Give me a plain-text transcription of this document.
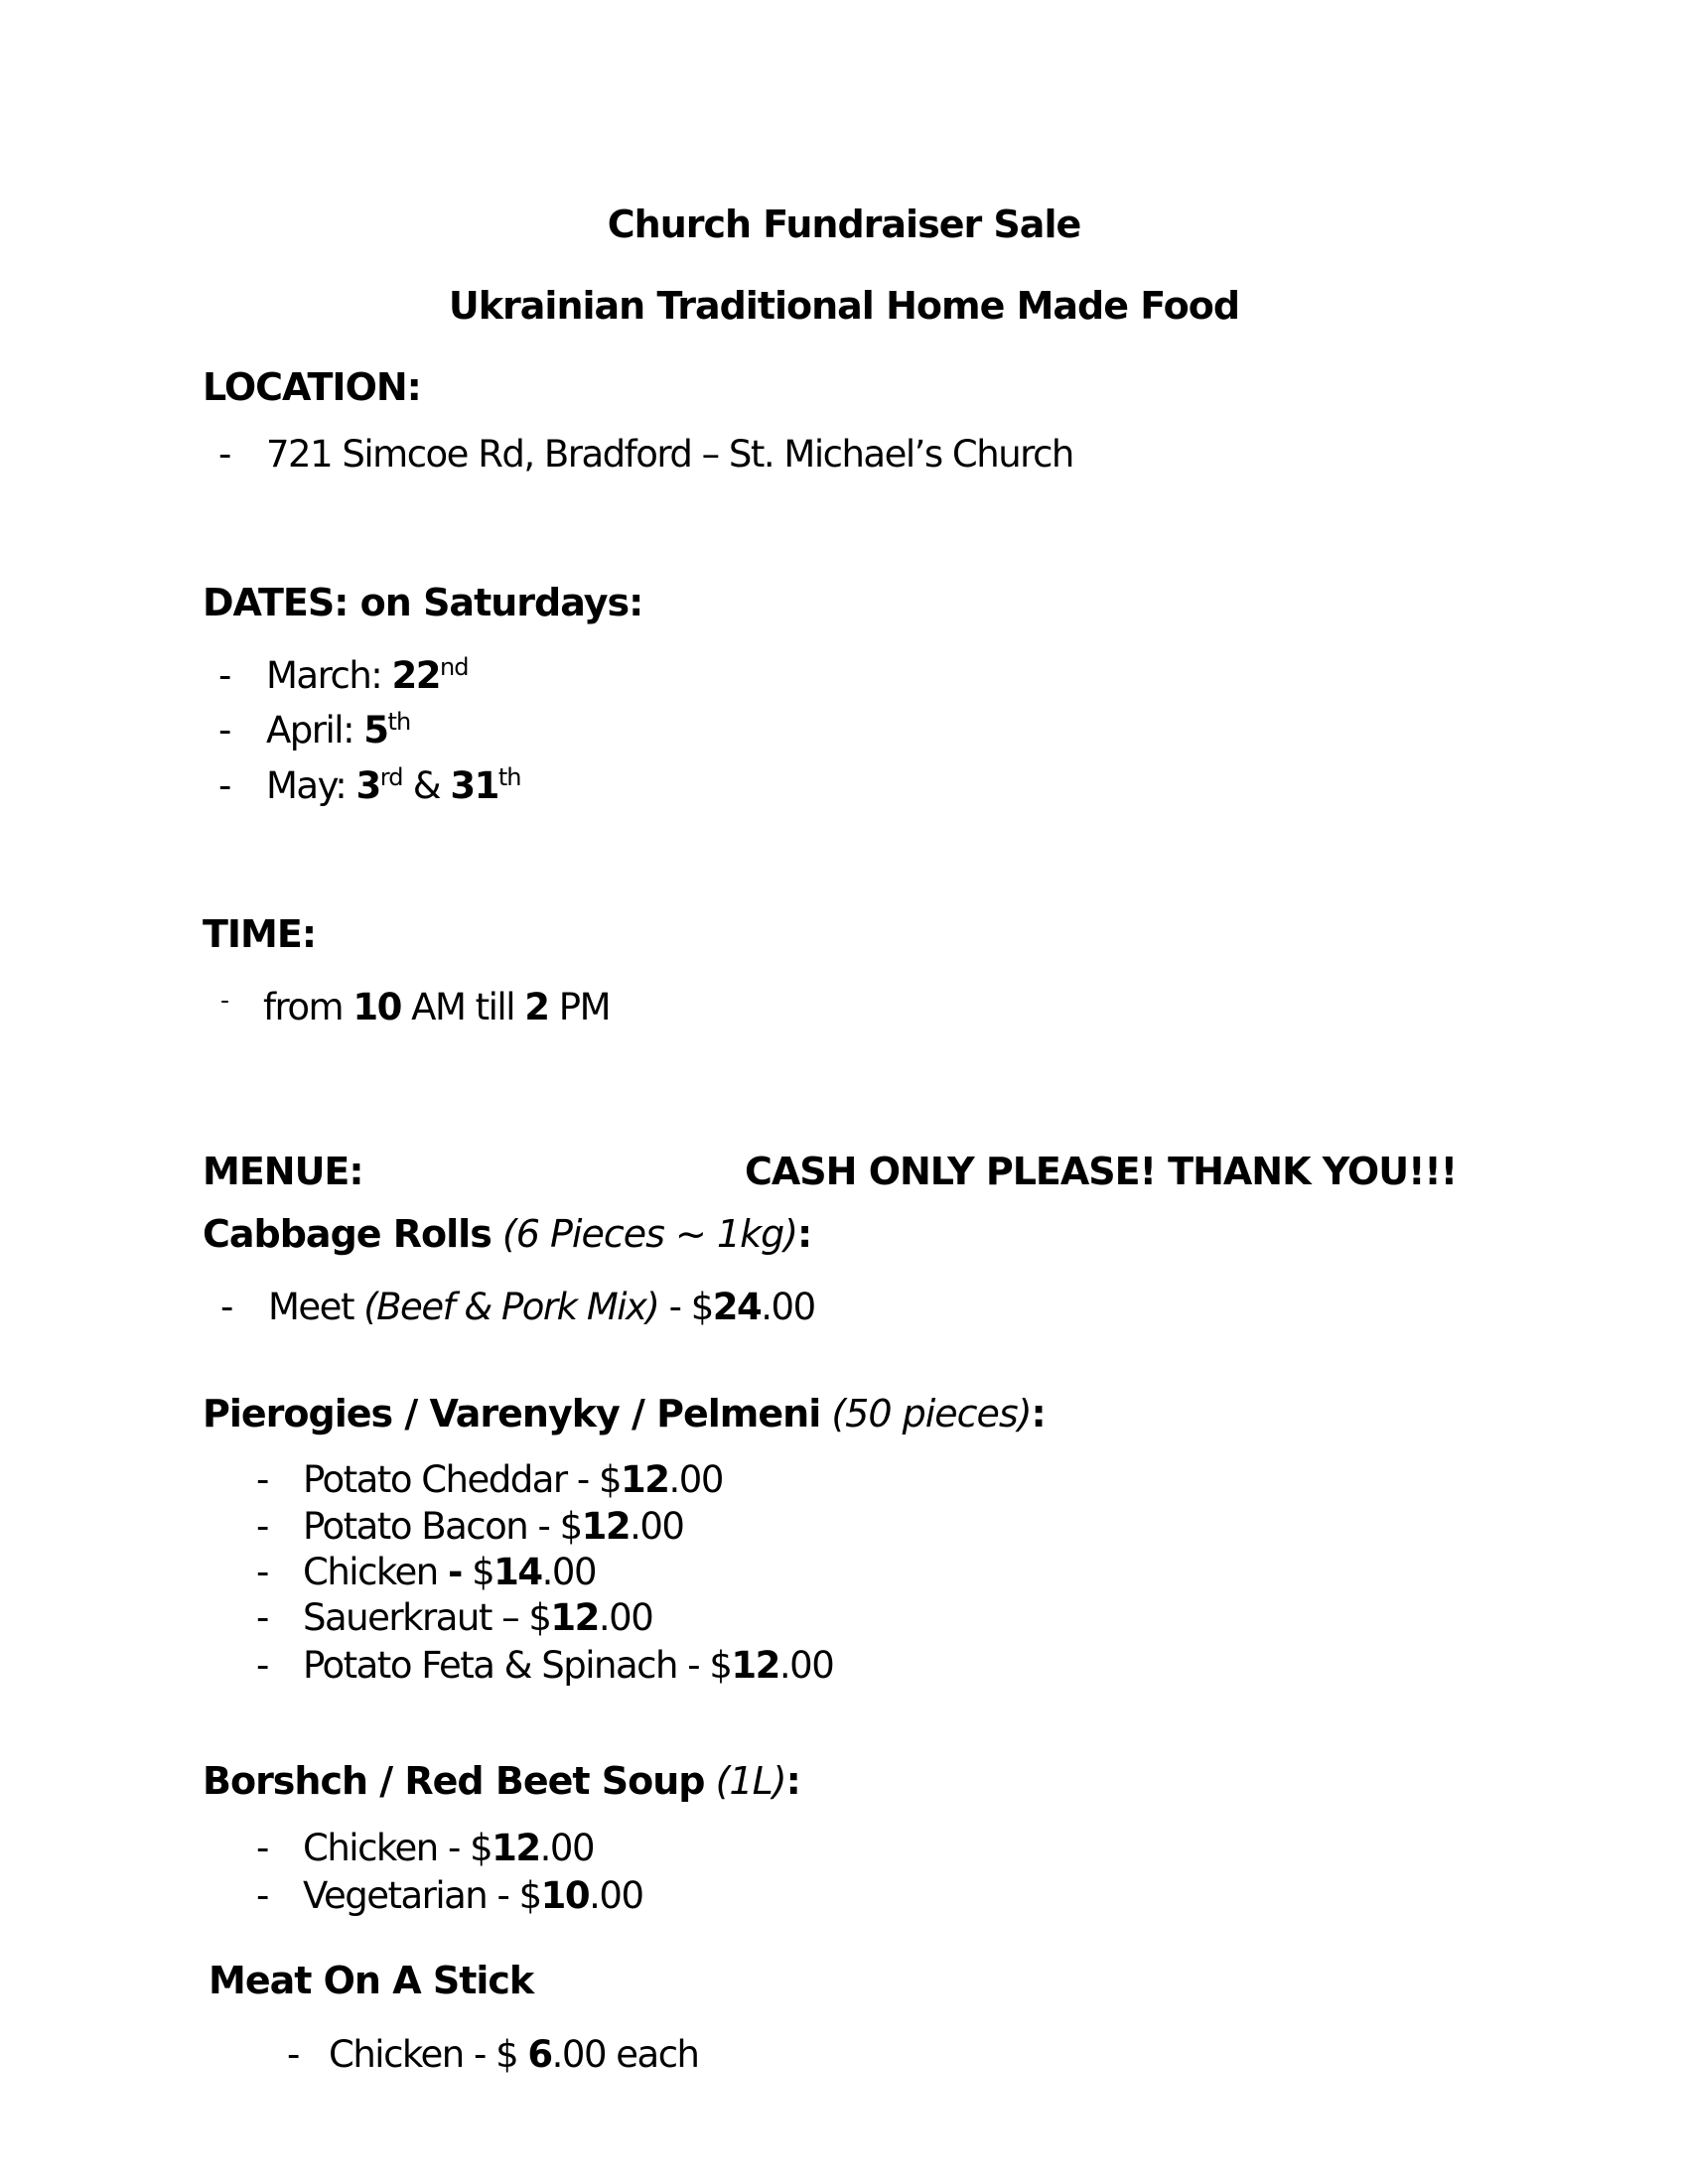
Church Fundraiser Sale
Ukrainian Traditional Home Made Food
LOCATION:
- 721 Simcoe Rd, Bradford – St. Michael’s Church
DATES: on Saturdays:
- March: 22nd
- April: 5th
- May: 3rd & 31th
TIME:
- from 10 AM till 2 PM
MENUE:	CASH ONLY PLEASE! THANK YOU!!!
Cabbage Rolls (6 Pieces ~ 1kg):
- Meet (Beef & Pork Mix) - $24.00
Pierogies / Varenyky / Pelmeni (50 pieces):
- Potato Cheddar - $12.00
- Potato Bacon - $12.00
- Chicken - $14.00
- Sauerkraut – $12.00
- Potato Feta & Spinach - $12.00
Borshch / Red Beet Soup (1L):
- Chicken - $12.00
- Vegetarian - $10.00
Meat On A Stick
- Chicken - $ 6.00 each
